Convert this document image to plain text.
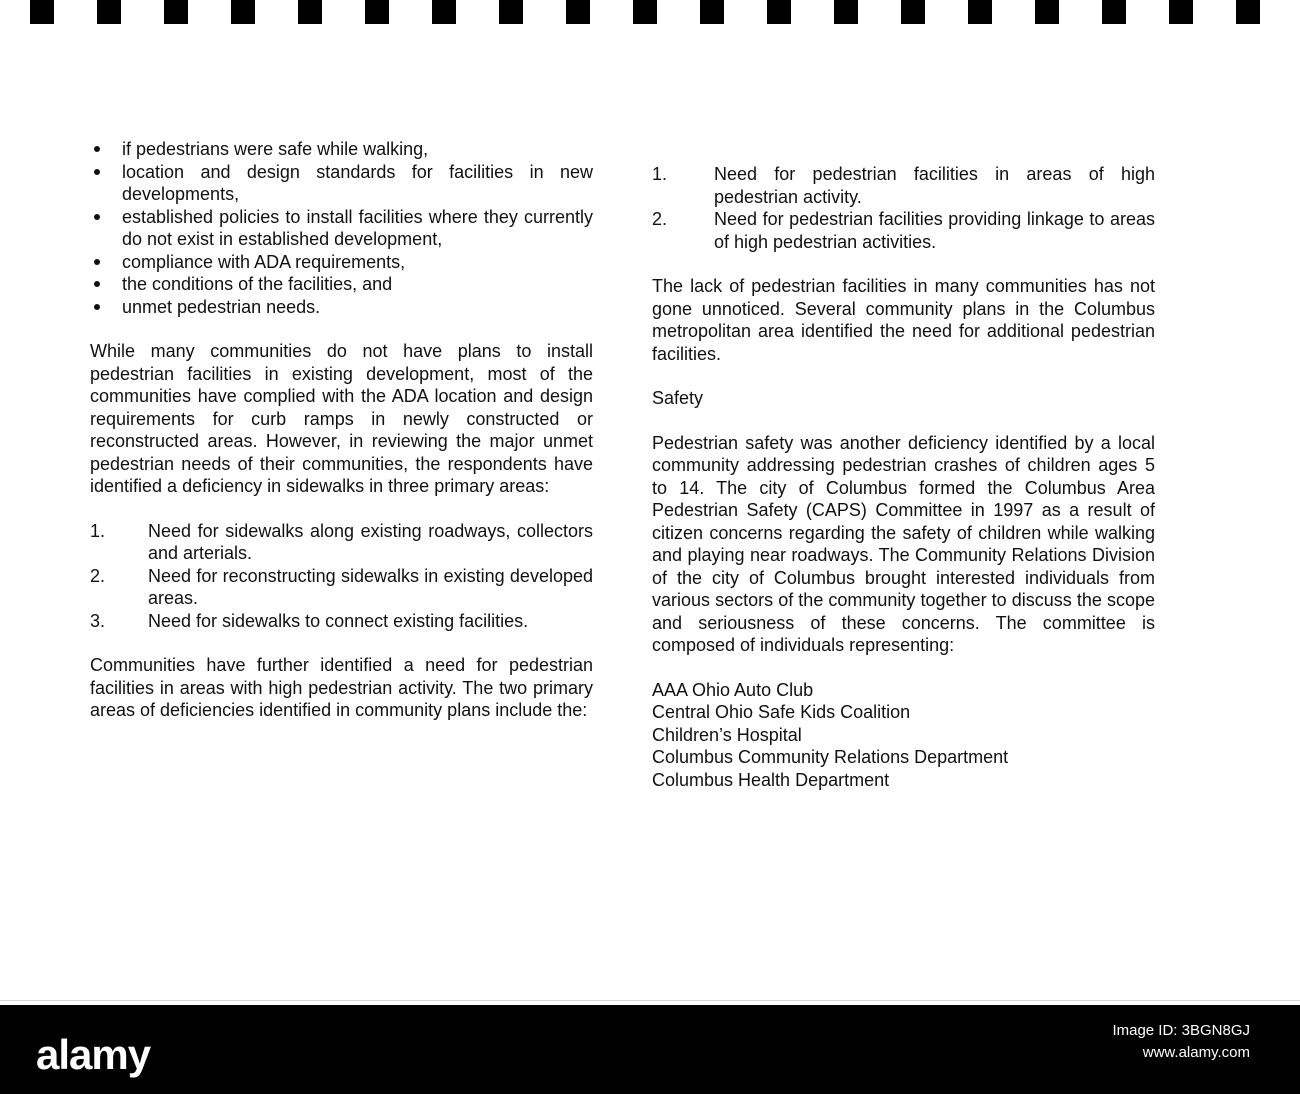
if pedestrians were safe while walking,
location and design standards for facilities in new developments,
established policies to install facilities where they currently do not exist in established development,
compliance with ADA requirements,
the conditions of the facilities, and
unmet pedestrian needs.

While many communities do not have plans to install pedestrian facilities in existing development, most of the communities have complied with the ADA location and design requirements for curb ramps in newly constructed or reconstructed areas. However, in reviewing the major unmet pedestrian needs of their communities, the respondents have identified a deficiency in sidewalks in three primary areas:

1.	Need for sidewalks along existing roadways, collectors and arterials.
2.	Need for reconstructing sidewalks in existing developed areas.
3.	Need for sidewalks to connect existing facilities.

Communities have further identified a need for pedestrian facilities in areas with high pedestrian activity. The two primary areas of deficiencies identified in community plans include the:

1.	Need for pedestrian facilities in areas of high pedestrian activity.
2.	Need for pedestrian facilities providing linkage to areas of high pedestrian activities.

The lack of pedestrian facilities in many communities has not gone unnoticed. Several community plans in the Columbus metropolitan area identified the need for additional pedestrian facilities.

Safety

Pedestrian safety was another deficiency identified by a local community addressing pedestrian crashes of children ages 5 to 14. The city of Columbus formed the Columbus Area Pedestrian Safety (CAPS) Committee in 1997 as a result of citizen concerns regarding the safety of children while walking and playing near roadways. The Community Relations Division of the city of Columbus brought interested individuals from various sectors of the community together to discuss the scope and seriousness of these concerns. The committee is composed of individuals representing:

AAA Ohio Auto Club
Central Ohio Safe Kids Coalition
Children’s Hospital
Columbus Community Relations Department
Columbus Health Department
alamy
Image ID: 3BGN8GJ
www.alamy.com
